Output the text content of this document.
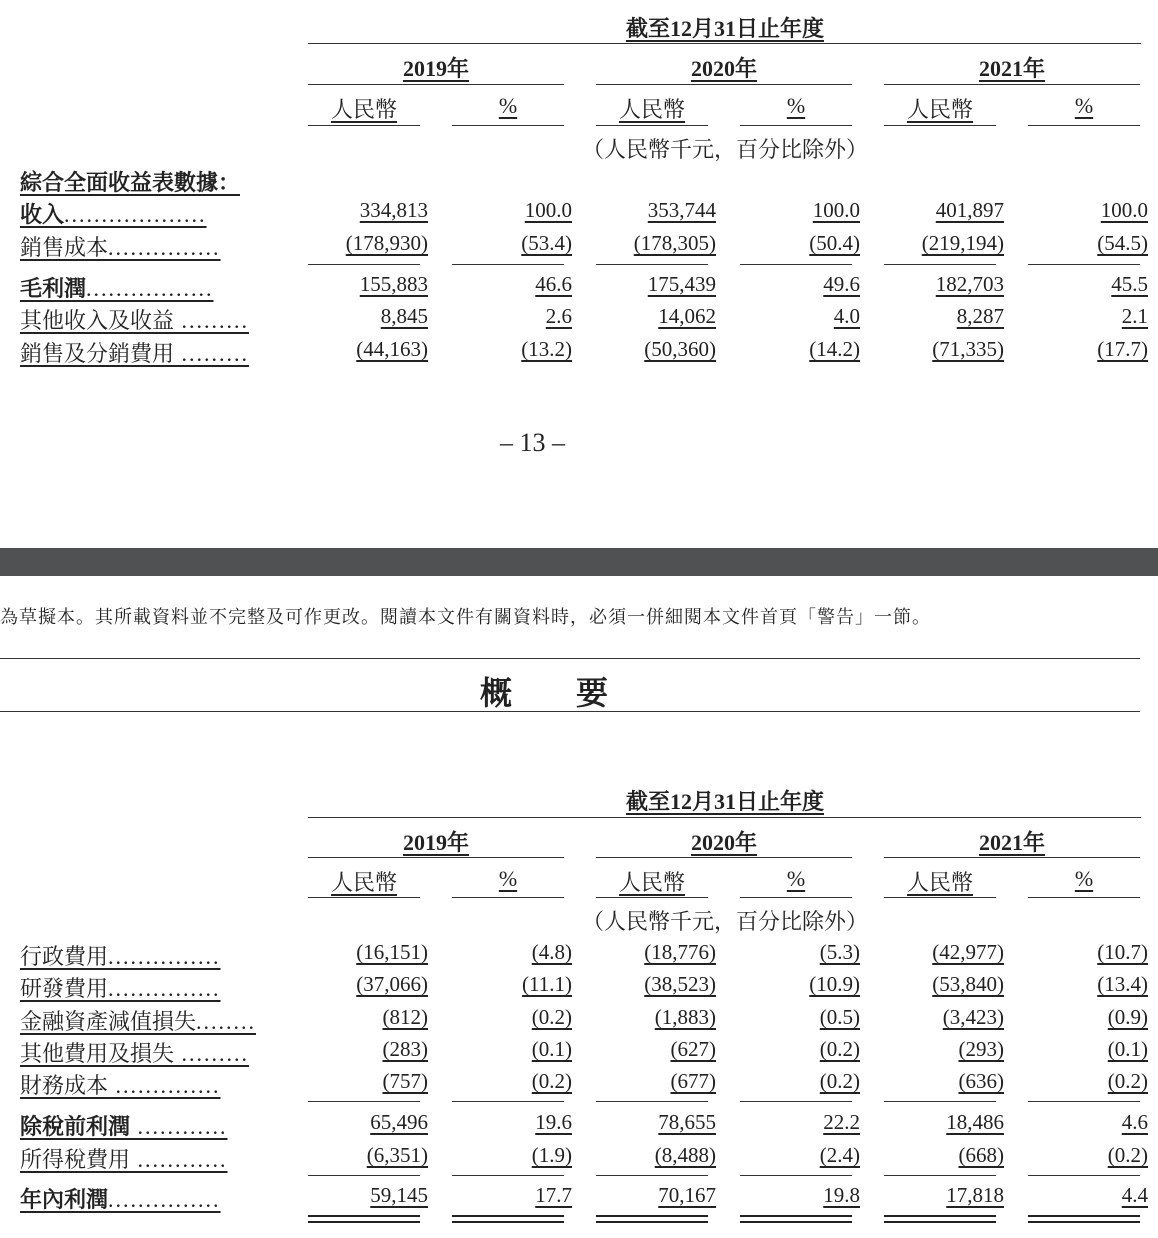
截至12月31日止年度
2019年	2020年	2021年
人民幣	%	人民幣	%	人民幣	%
（人民幣千元，百分比除外）
綜合全面收益表數據：
收入...................	334,813	100.0	353,744	100.0	401,897	100.0
銷售成本...............	(178,930)	(53.4)	(178,305)	(50.4)	(219,194)	(54.5)
毛利潤.................	155,883	46.6	175,439	49.6	182,703	45.5
其他收入及收益 .........	8,845	2.6	14,062	4.0	8,287	2.1
銷售及分銷費用 .........	(44,163)	(13.2)	(50,360)	(14.2)	(71,335)	(17.7)
– 13 –
為草擬本。其所載資料並不完整及可作更改。閱讀本文件有關資料時，必須一併細閱本文件首頁「警告」一節。
概　　要
截至12月31日止年度
2019年	2020年	2021年
人民幣	%	人民幣	%	人民幣	%
（人民幣千元，百分比除外）
行政費用...............	(16,151)	(4.8)	(18,776)	(5.3)	(42,977)	(10.7)
研發費用...............	(37,066)	(11.1)	(38,523)	(10.9)	(53,840)	(13.4)
金融資產減值損失........	(812)	(0.2)	(1,883)	(0.5)	(3,423)	(0.9)
其他費用及損失 .........	(283)	(0.1)	(627)	(0.2)	(293)	(0.1)
財務成本 ..............	(757)	(0.2)	(677)	(0.2)	(636)	(0.2)
除稅前利潤 ............	65,496	19.6	78,655	22.2	18,486	4.6
所得稅費用 ............	(6,351)	(1.9)	(8,488)	(2.4)	(668)	(0.2)
年內利潤...............	59,145	17.7	70,167	19.8	17,818	4.4
